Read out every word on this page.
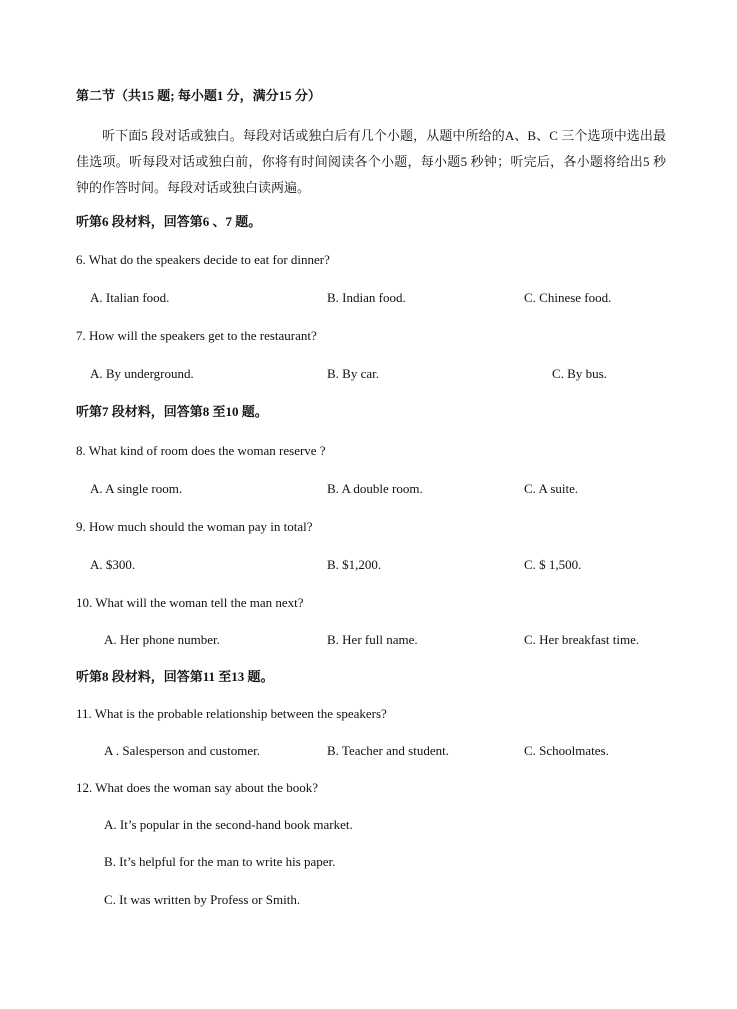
第二节（共15 题; 每小题1 分，满分15 分）
听下面5 段对话或独白。每段对话或独白后有几个小题，从题中所给的A、B、C 三个选项中选出最佳选项。听每段对话或独白前，你将有时间阅读各个小题，每小题5 秒钟；听完后，各小题将给出5 秒钟的作答时间。每段对话或独白读两遍。
听第6 段材料，回答第6 、7 题。
6. What do the speakers decide to eat for dinner?
A. Italian food.	B. Indian food.	C. Chinese food.
7. How will the speakers get to the restaurant?
A. By underground.	B. By car.	C. By bus.
听第7 段材料，回答第8 至10 题。
8. What kind of room does the woman reserve ?
A. A single room.	B. A double room.	C. A suite.
9. How much should the woman pay in total?
A. $300.	B. $1,200.	C. $ 1,500.
10. What will the woman tell the man next?
A. Her phone number.	B. Her full name.	C. Her breakfast time.
听第8 段材料，回答第11 至13 题。
11. What is the probable relationship between the speakers?
A . Salesperson and customer.	B. Teacher and student.	C. Schoolmates.
12. What does the woman say about the book?
A. It’s popular in the second-hand book market.
B. It’s helpful for the man to write his paper.
C. It was written by Profess or Smith.
